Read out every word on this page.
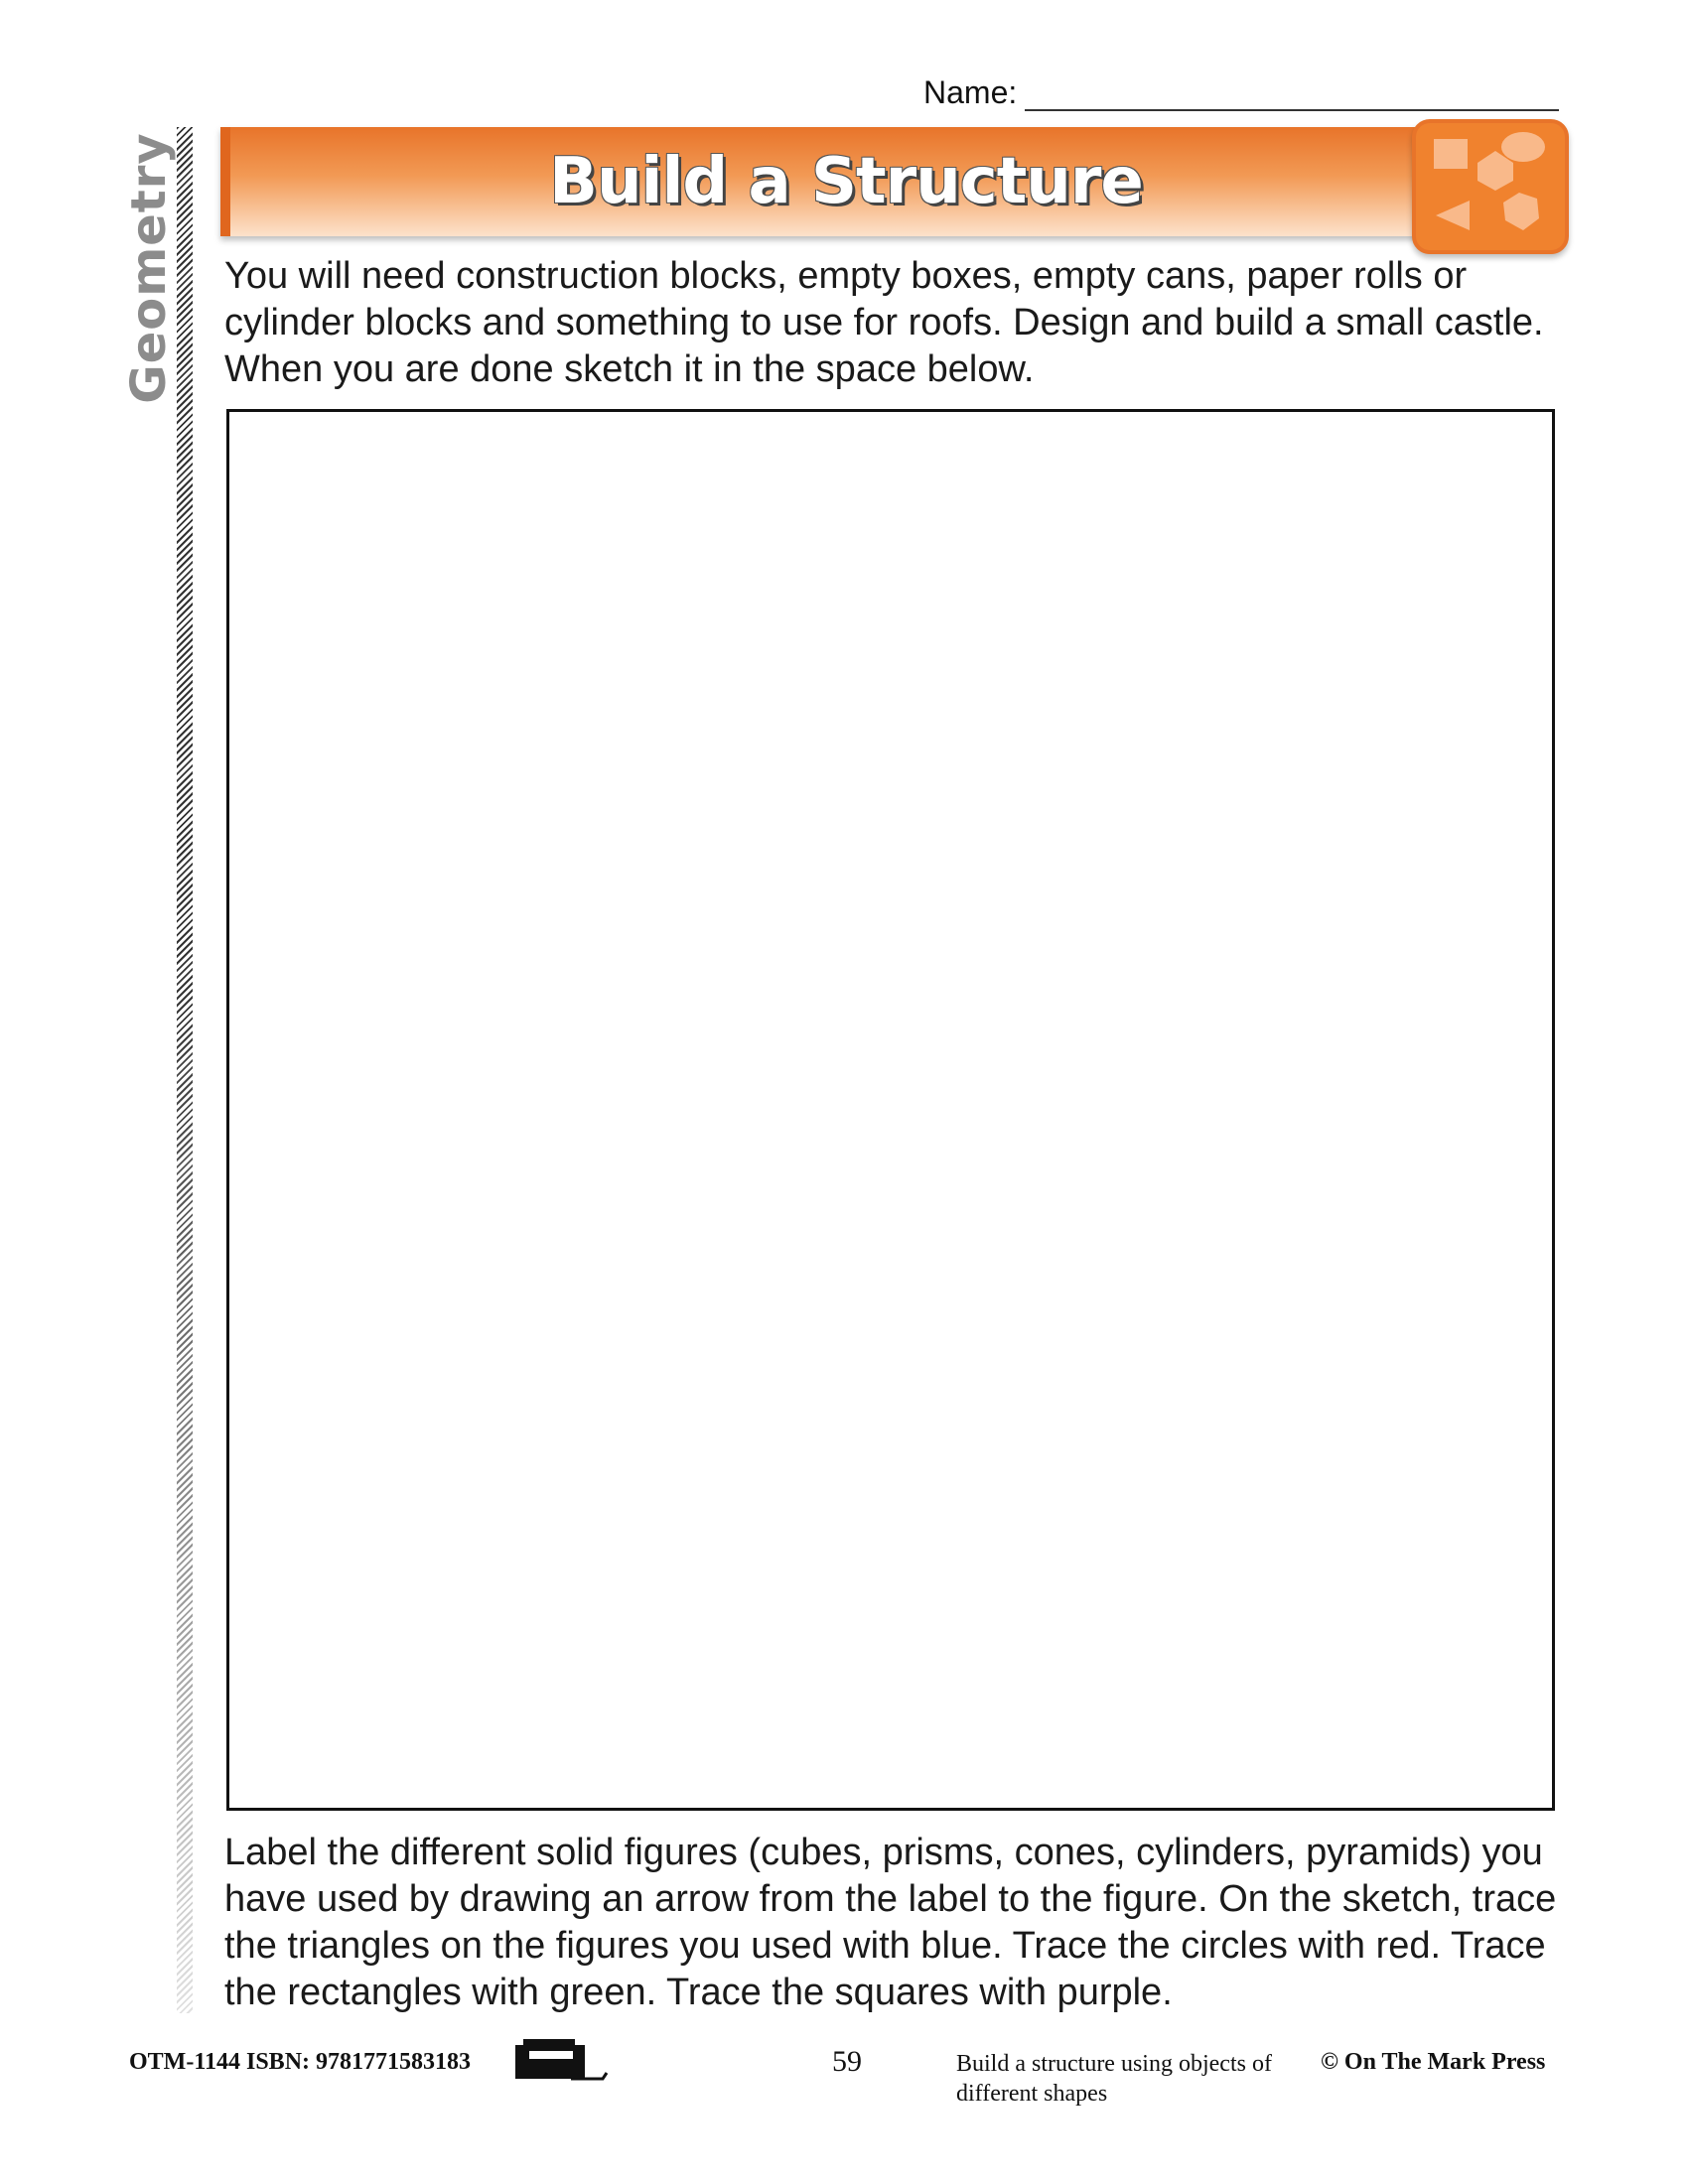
Geometry
Name:
Build a Structure
You will need construction blocks, empty boxes, empty cans, paper rolls or cylinder blocks and something to use for roofs. Design and build a small castle. When you are done sketch it in the space below.
Label the different solid figures (cubes, prisms, cones, cylinders, pyramids) you have used by drawing an arrow from the label to the figure. On the sketch, trace the triangles on the figures you used with blue. Trace the circles with red. Trace the rectangles with green. Trace the squares with purple.
OTM-1144 ISBN: 9781771583183	59	Build a structure using objects of different shapes
© On The Mark Press
